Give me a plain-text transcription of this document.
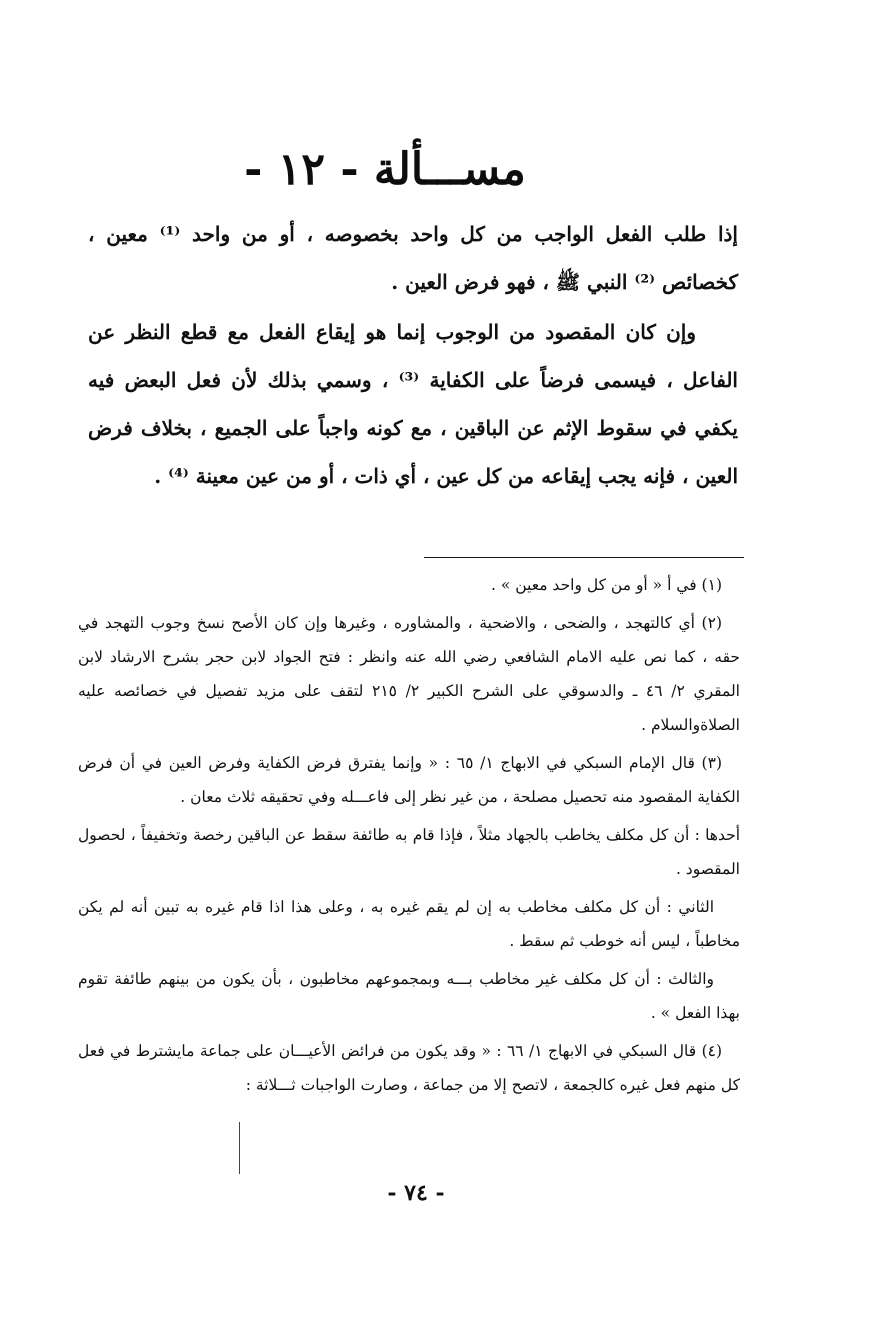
مســـألة - ١٢ -

إذا طلب الفعل الواجب من كل واحد بخصوصه ، أو من واحد ⁽¹⁾ معين ، كخصائص ⁽²⁾ النبي ﷺ ، فهو فرض العين .

وإن كان المقصود من الوجوب إنما هو إيقاع الفعل مع قطع النظر عن الفاعل ، فيسمى فرضاً على الكفاية ⁽³⁾ ، وسمي بذلك لأن فعل البعض فيه يكفي في سقوط الإثم عن الباقين ، مع كونه واجباً على الجميع ، بخلاف فرض العين ، فإنه يجب إيقاعه من كل عين ، أي ذات ، أو من عين معينة ⁽⁴⁾ .

(١) في أ « أو من كل واحد معين » .

(٢) أي كالتهجد ، والضحى ، والاضحية ، والمشاوره ، وغيرها وإن كان الأصح نسخ وجوب التهجد في حقه ، كما نص عليه الامام الشافعي رضي الله عنه وانظر : فتح الجواد لابن حجر بشرح الارشاد لابن المقري ٢/ ٤٦ ـ والدسوقي على الشرح الكبير ٢/ ٢١٥ لتقف على مزيد تفصيل في خصائصه عليه الصلاةوالسلام .

(٣) قال الإمام السبكي في الابهاج ١/ ٦٥ : « وإنما يفترق فرض الكفاية وفرض العين في أن فرض الكفاية المقصود منه تحصيل مصلحة ، من غير نظر إلى فاعـــله وفي تحقيقه ثلاث معان .

أحدها : أن كل مكلف يخاطب بالجهاد مثلاً ، فإذا قام به طائفة سقط عن الباقين رخصة وتخفيفاً ، لحصول المقصود .

الثاني : أن كل مكلف مخاطب به إن لم يقم غيره به ، وعلى هذا اذا قام غيره به تبين أنه لم يكن مخاطباً ، ليس أنه خوطب ثم سقط .

والثالث : أن كل مكلف غير مخاطب بـــه وبمجموعهم مخاطبون ، بأن يكون من بينهم طائفة تقوم بهذا الفعل » .

(٤) قال السبكي في الابهاج ١/ ٦٦ : « وقد يكون من فرائض الأعيـــان على جماعة مايشترط في فعل كل منهم فعل غيره كالجمعة ، لاتصح إلا من جماعة ، وصارت الواجبات ثـــلاثة :

- ٧٤ -
